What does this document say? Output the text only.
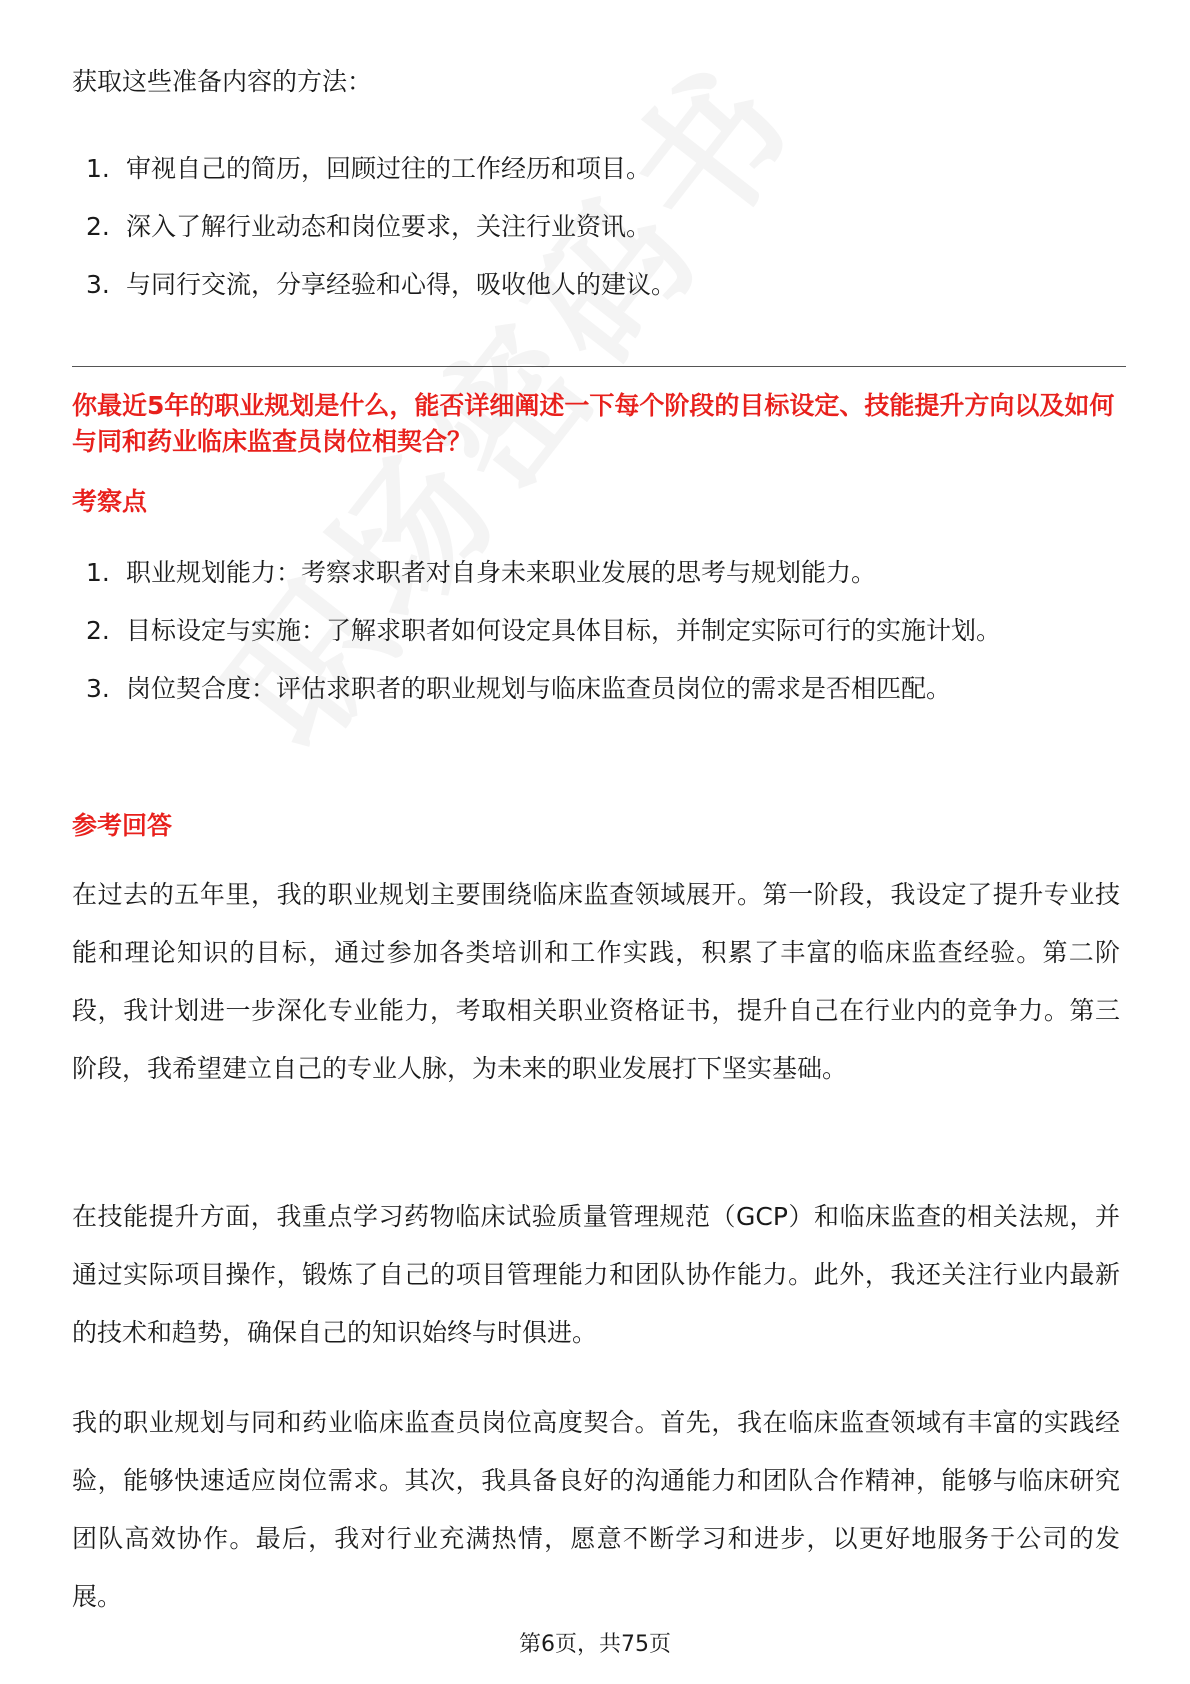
获取这些准备内容的方法：
1. 审视自己的简历，回顾过往的工作经历和项目。
2. 深入了解行业动态和岗位要求，关注行业资讯。
3. 与同行交流，分享经验和心得，吸收他人的建议。
你最近5年的职业规划是什么，能否详细阐述一下每个阶段的目标设定、技能提升方向以及如何与同和药业临床监查员岗位相契合？
考察点
1. 职业规划能力：考察求职者对自身未来职业发展的思考与规划能力。
2. 目标设定与实施：了解求职者如何设定具体目标，并制定实际可行的实施计划。
3. 岗位契合度：评估求职者的职业规划与临床监查员岗位的需求是否相匹配。
参考回答

在过去的五年里，我的职业规划主要围绕临床监查领域展开。第一阶段，我设定了提升专业技能和理论知识的目标，通过参加各类培训和工作实践，积累了丰富的临床监查经验。第二阶段，我计划进一步深化专业能力，考取相关职业资格证书，提升自己在行业内的竞争力。第三阶段，我希望建立自己的专业人脉，为未来的职业发展打下坚实基础。

在技能提升方面，我重点学习药物临床试验质量管理规范（GCP）和临床监查的相关法规，并通过实际项目操作，锻炼了自己的项目管理能力和团队协作能力。此外，我还关注行业内最新的技术和趋势，确保自己的知识始终与时俱进。

我的职业规划与同和药业临床监查员岗位高度契合。首先，我在临床监查领域有丰富的实践经验，能够快速适应岗位需求。其次，我具备良好的沟通能力和团队合作精神，能够与临床研究团队高效协作。最后，我对行业充满热情，愿意不断学习和进步，以更好地服务于公司的发展。

第6页，共75页
